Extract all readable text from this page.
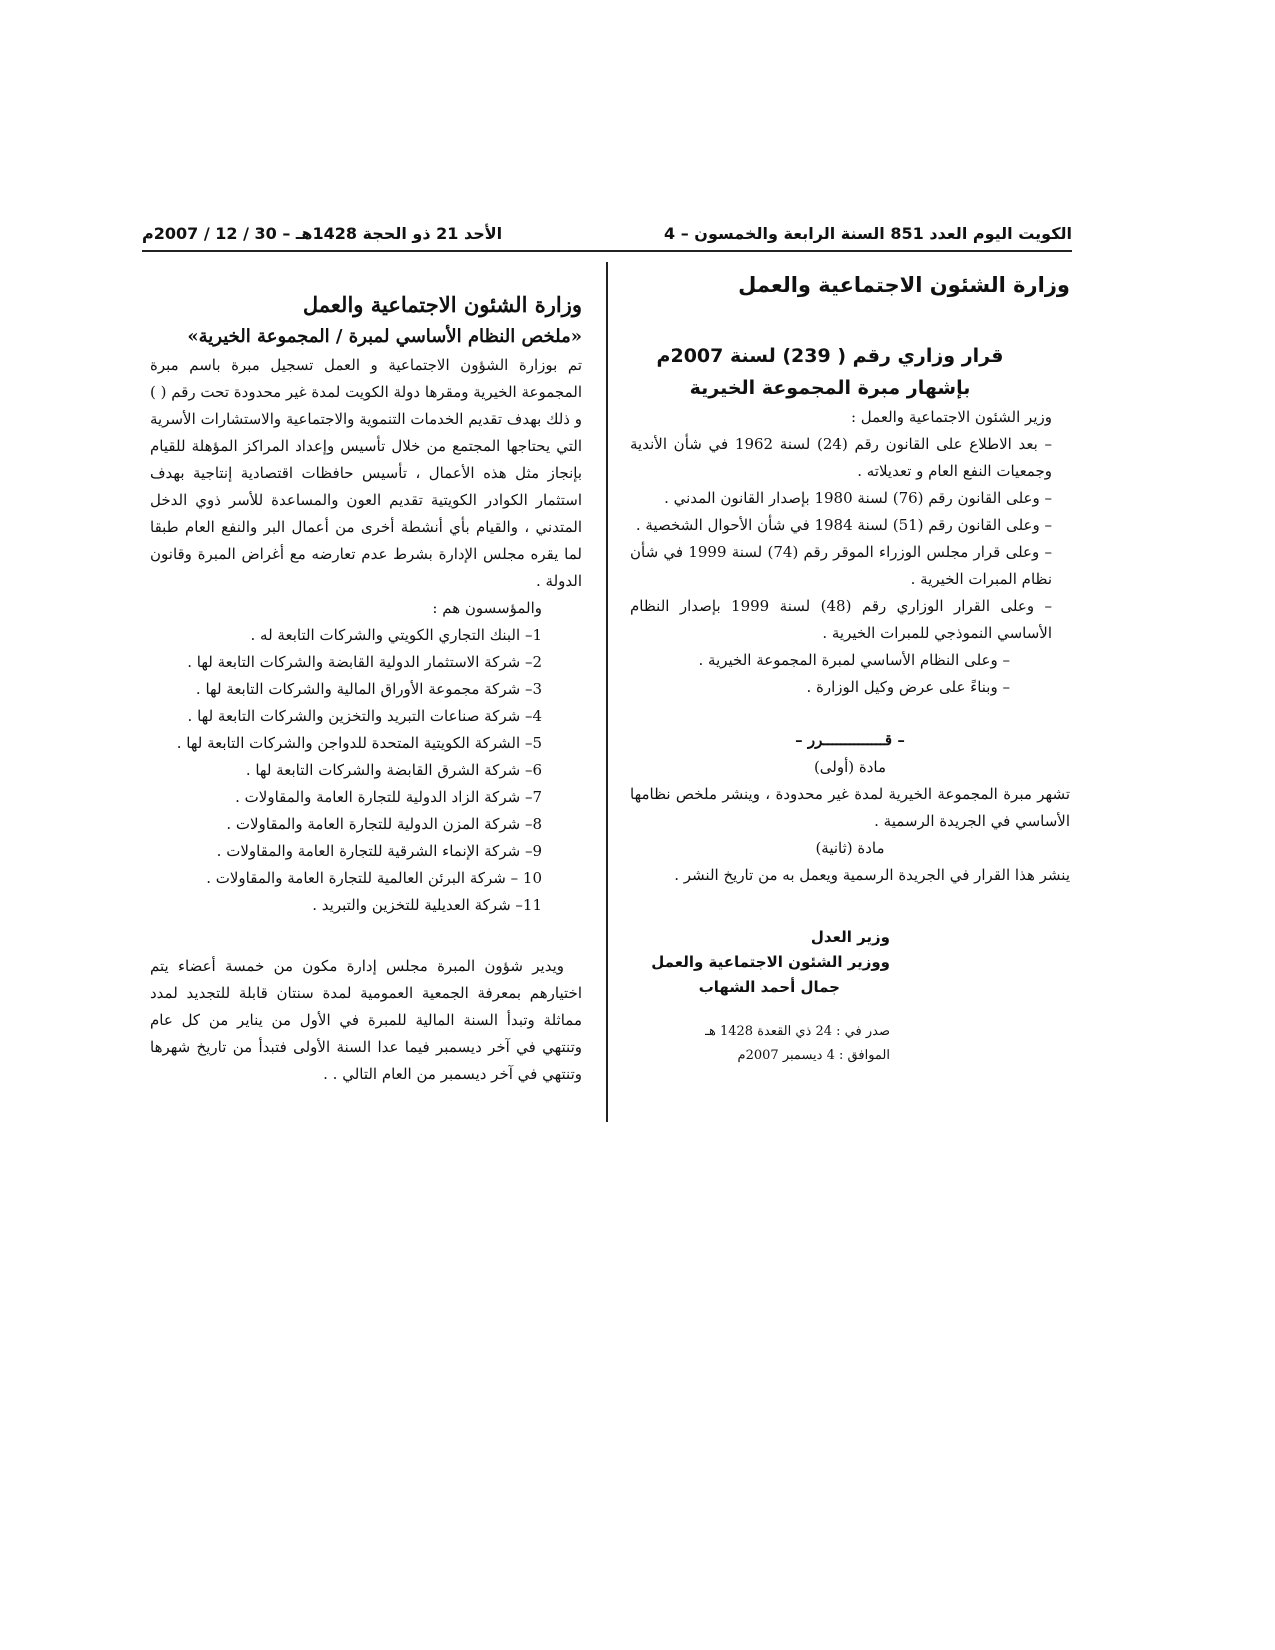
الكويت اليوم العدد 851 السنة الرابعة والخمسون – 4
الأحد 21 ذو الحجة 1428هـ – 30 / 12 / 2007م

وزارة الشئون الاجتماعية والعمل

قرار وزاري رقم ( 239) لسنة 2007م

بإشهار مبرة المجموعة الخيرية

وزير الشئون الاجتماعية والعمل :

– بعد الاطلاع على القانون رقم (24) لسنة 1962 في شأن الأندية وجمعيات النفع العام و تعديلاته .

– وعلى القانون رقم (76) لسنة 1980 بإصدار القانون المدني .

– وعلى القانون رقم (51) لسنة 1984 في شأن الأحوال الشخصية .

– وعلى قرار مجلس الوزراء الموقر رقم (74) لسنة 1999 في شأن نظام المبرات الخيرية .

– وعلى القرار الوزاري رقم (48) لسنة 1999 بإصدار النظام الأساسي النموذجي للمبرات الخيرية .

– وعلى النظام الأساسي لمبرة المجموعة الخيرية .

– وبناءً على عرض وكيل الوزارة .

– قــــــــــــــرر –

مادة (أولى)

تشهر مبرة المجموعة الخيرية لمدة غير محدودة ، وينشر ملخص نظامها الأساسي في الجريدة الرسمية .

مادة (ثانية)

ينشر هذا القرار في الجريدة الرسمية ويعمل به من تاريخ النشر .

وزير العدل

ووزير الشئون الاجتماعية والعمل

جمال أحمد الشهاب

صدر في : 24 ذي القعدة 1428 هـ

الموافق : 4 ديسمبر 2007م

وزارة الشئون الاجتماعية والعمل

«ملخص النظام الأساسي لمبرة / المجموعة الخيرية»

تم بوزارة الشؤون الاجتماعية و العمل تسجيل مبرة باسم مبرة المجموعة الخيرية ومقرها دولة الكويت لمدة غير محدودة تحت رقم ( ) و ذلك بهدف تقديم الخدمات التنموية والاجتماعية والاستشارات الأسرية التي يحتاجها المجتمع من خلال تأسيس وإعداد المراكز المؤهلة للقيام بإنجاز مثل هذه الأعمال ، تأسيس حافظات اقتصادية إنتاجية بهدف استثمار الكوادر الكويتية تقديم العون والمساعدة للأسر ذوي الدخل المتدني ، والقيام بأي أنشطة أخرى من أعمال البر والنفع العام طبقا لما يقره مجلس الإدارة بشرط عدم تعارضه مع أغراض المبرة وقانون الدولة .

والمؤسسون هم :

1– البنك التجاري الكويتي والشركات التابعة له .
2– شركة الاستثمار الدولية القابضة والشركات التابعة لها .
3– شركة مجموعة الأوراق المالية والشركات التابعة لها .
4– شركة صناعات التبريد والتخزين والشركات التابعة لها .
5– الشركة الكويتية المتحدة للدواجن والشركات التابعة لها .
6– شركة الشرق القابضة والشركات التابعة لها .
7– شركة الزاد الدولية للتجارة العامة والمقاولات .
8– شركة المزن الدولية للتجارة العامة والمقاولات .
9– شركة الإنماء الشرقية للتجارة العامة والمقاولات .
10 – شركة البرئن العالمية للتجارة العامة والمقاولات .
11– شركة العديلية للتخزين والتبريد .

ويدير شؤون المبرة مجلس إدارة مكون من خمسة أعضاء يتم اختيارهم بمعرفة الجمعية العمومية لمدة سنتان قابلة للتجديد لمدد مماثلة وتبدأ السنة المالية للمبرة في الأول من يناير من كل عام وتنتهي في آخر ديسمبر فيما عدا السنة الأولى فتبدأ من تاريخ شهرها وتنتهي في آخر ديسمبر من العام التالي . .
